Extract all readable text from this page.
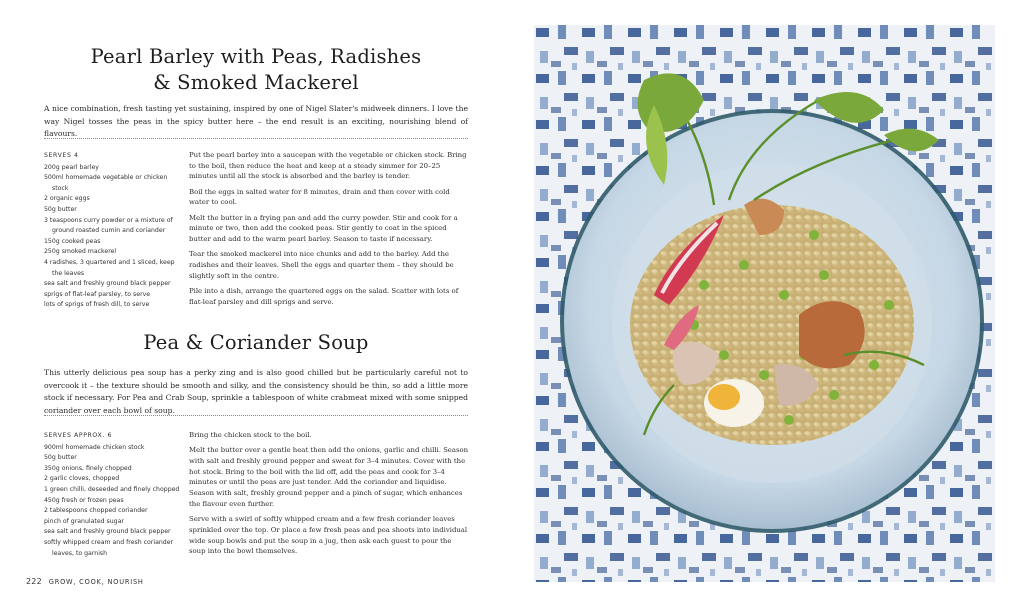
Pearl Barley with Peas, Radishes
& Smoked Mackerel

A nice combination, fresh tasting yet sustaining, inspired by one of Nigel Slater's midweek dinners. I love the way Nigel tosses the peas in the spicy butter here – the end result is an exciting, nourishing blend of flavours.

SERVES 4
200g pearl barley
500ml homemade vegetable or chicken stock
2 organic eggs
50g butter
3 teaspoons curry powder or a mixture of ground roasted cumin and coriander
150g cooked peas
250g smoked mackerel
4 radishes, 3 quartered and 1 sliced, keep the leaves
sea salt and freshly ground black pepper
sprigs of flat-leaf parsley, to serve
lots of sprigs of fresh dill, to serve

Put the pearl barley into a saucepan with the vegetable or chicken stock. Bring to the boil, then reduce the heat and keep at a steady simmer for 20–25 minutes until all the stock is absorbed and the barley is tender.

Boil the eggs in salted water for 8 minutes, drain and then cover with cold water to cool.

Melt the butter in a frying pan and add the curry powder. Stir and cook for a minute or two, then add the cooked peas. Stir gently to coat in the spiced butter and add to the warm pearl barley. Season to taste if necessary.

Tear the smoked mackerel into nice chunks and add to the barley. Add the radishes and their leaves. Shell the eggs and quarter them – they should be slightly soft in the centre.

Pile into a dish, arrange the quartered eggs on the salad. Scatter with lots of flat-leaf parsley and dill sprigs and serve.

Pea & Coriander Soup

This utterly delicious pea soup has a perky zing and is also good chilled but be particularly careful not to overcook it – the texture should be smooth and silky, and the consistency should be thin, so add a little more stock if necessary. For Pea and Crab Soup, sprinkle a tablespoon of white crabmeat mixed with some snipped coriander over each bowl of soup.

SERVES APPROX. 6
900ml homemade chicken stock
50g butter
350g onions, finely chopped
2 garlic cloves, chopped
1 green chilli, deseeded and finely chopped
450g fresh or frozen peas
2 tablespoons chopped coriander
pinch of granulated sugar
sea salt and freshly ground black pepper
softly whipped cream and fresh coriander leaves, to garnish

Bring the chicken stock to the boil.

Melt the butter over a gentle heat then add the onions, garlic and chilli. Season with salt and freshly ground pepper and sweat for 3–4 minutes. Cover with the hot stock. Bring to the boil with the lid off, add the peas and cook for 3–4 minutes or until the peas are just tender. Add the coriander and liquidise. Season with salt, freshly ground pepper and a pinch of sugar, which enhances the flavour even further.

Serve with a swirl of softly whipped cream and a few fresh coriander leaves sprinkled over the top. Or place a few fresh peas and pea shoots into individual wide soup bowls and put the soup in a jug, then ask each guest to pour the soup into the bowl themselves.

222 GROW, COOK, NOURISH
